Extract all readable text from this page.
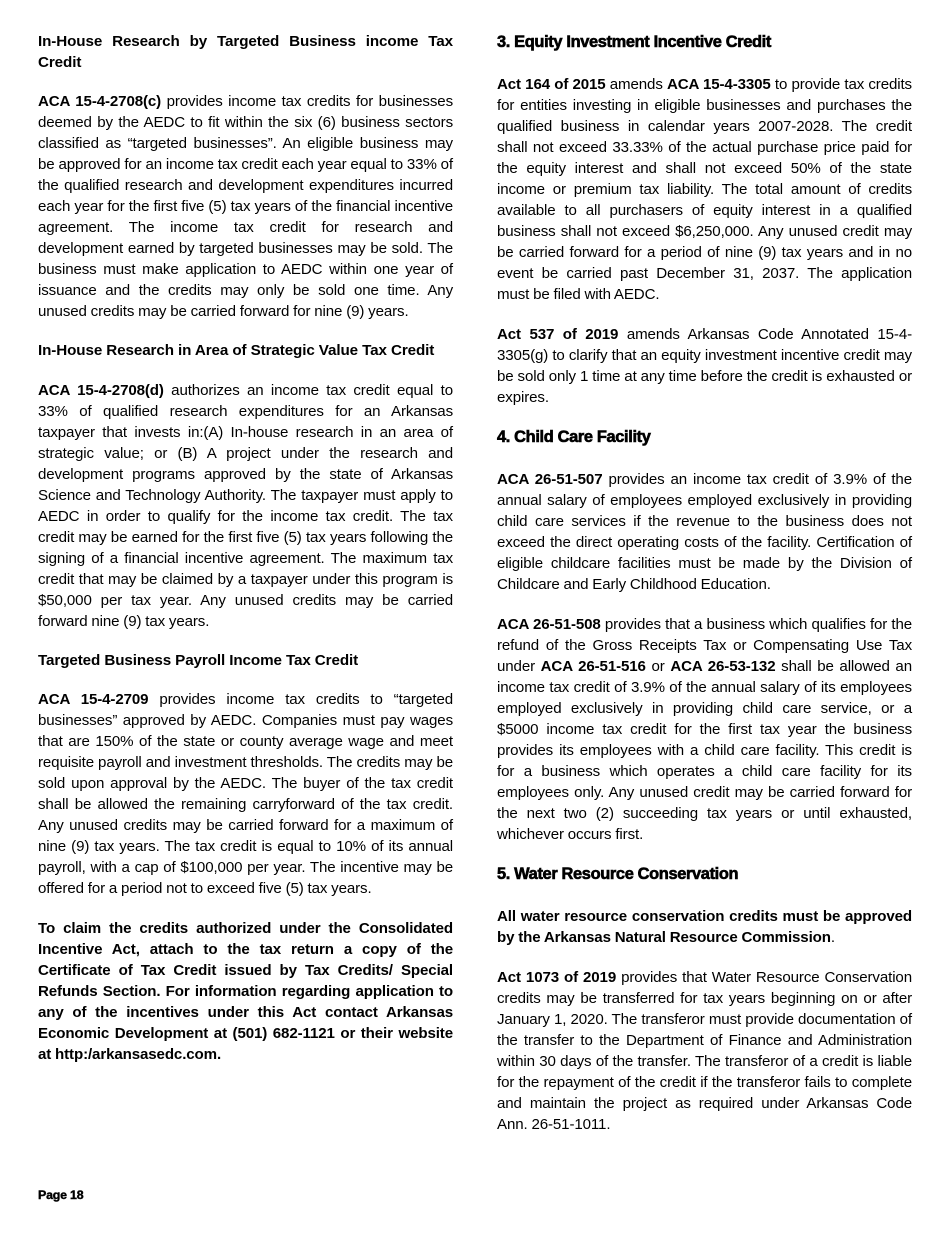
In-House Research by Targeted Business income Tax Credit

ACA 15-4-2708(c) provides income tax credits for businesses deemed by the AEDC to fit within the six (6) business sectors classified as “targeted businesses”. An eligible business may be approved for an income tax credit each year equal to 33% of the qualified research and development expenditures incurred each year for the first five (5) tax years of the financial incentive agreement. The income tax credit for research and development earned by targeted businesses may be sold. The business must make application to AEDC within one year of issuance and the credits may only be sold one time. Any unused credits may be carried forward for nine (9) years.

In-House Research in Area of Strategic Value Tax Credit

ACA 15-4-2708(d) authorizes an income tax credit equal to 33% of qualified research expenditures for an Arkansas taxpayer that invests in:(A) In-house research in an area of strategic value; or (B) A project under the research and development programs approved by the state of Arkansas Science and Technology Authority. The taxpayer must apply to AEDC in order to qualify for the income tax credit. The tax credit may be earned for the first five (5) tax years following the signing of a financial incentive agreement. The maximum tax credit that may be claimed by a taxpayer under this program is $50,000 per tax year. Any unused credits may be carried forward nine (9) tax years.

Targeted Business Payroll Income Tax Credit

ACA 15-4-2709 provides income tax credits to “targeted businesses” approved by AEDC. Companies must pay wages that are 150% of the state or county average wage and meet requisite payroll and investment thresholds. The credits may be sold upon approval by the AEDC. The buyer of the tax credit shall be allowed the remaining carryforward of the tax credit. Any unused credits may be carried forward for a maximum of nine (9) tax years. The tax credit is equal to 10% of its annual payroll, with a cap of $100,000 per year. The incentive may be offered for a period not to exceed five (5) tax years.

To claim the credits authorized under the Consolidated Incentive Act, attach to the tax return a copy of the Certificate of Tax Credit issued by Tax Credits/ Special Refunds Section. For information regarding application to any of the incentives under this Act contact Arkansas Economic Development at (501) 682-1121 or their website at http:/arkansasedc.com.

3. Equity Investment Incentive Credit

Act 164 of 2015 amends ACA 15-4-3305 to provide tax credits for entities investing in eligible businesses and purchases the qualified business in calendar years 2007-2028. The credit shall not exceed 33.33% of the actual purchase price paid for the equity interest and shall not exceed 50% of the state income or premium tax liability. The total amount of credits available to all purchasers of equity interest in a qualified business shall not exceed $6,250,000. Any unused credit may be carried forward for a period of nine (9) tax years and in no event be carried past December 31, 2037. The application must be filed with AEDC.

Act 537 of 2019 amends Arkansas Code Annotated 15-4-3305(g) to clarify that an equity investment incentive credit may be sold only 1 time at any time before the credit is exhausted or expires.

4. Child Care Facility

ACA 26-51-507 provides an income tax credit of 3.9% of the annual salary of employees employed exclusively in providing child care services if the revenue to the business does not exceed the direct operating costs of the facility. Certification of eligible childcare facilities must be made by the Division of Childcare and Early Childhood Education.

ACA 26-51-508 provides that a business which qualifies for the refund of the Gross Receipts Tax or Compensating Use Tax under ACA 26-51-516 or ACA 26-53-132 shall be allowed an income tax credit of 3.9% of the annual salary of its employees employed exclusively in providing child care service, or a $5000 income tax credit for the first tax year the business provides its employees with a child care facility. This credit is for a business which operates a child care facility for its employees only. Any unused credit may be carried forward for the next two (2) succeeding tax years or until exhausted, whichever occurs first.

5. Water Resource Conservation

All water resource conservation credits must be approved by the Arkansas Natural Resource Commission.

Act 1073 of 2019 provides that Water Resource Conservation credits may be transferred for tax years beginning on or after January 1, 2020. The transferor must provide documentation of the transfer to the Department of Finance and Administration within 30 days of the transfer. The transferor of a credit is liable for the repayment of the credit if the transferor fails to complete and maintain the project as required under Arkansas Code Ann. 26-51-1011.

Page 18
